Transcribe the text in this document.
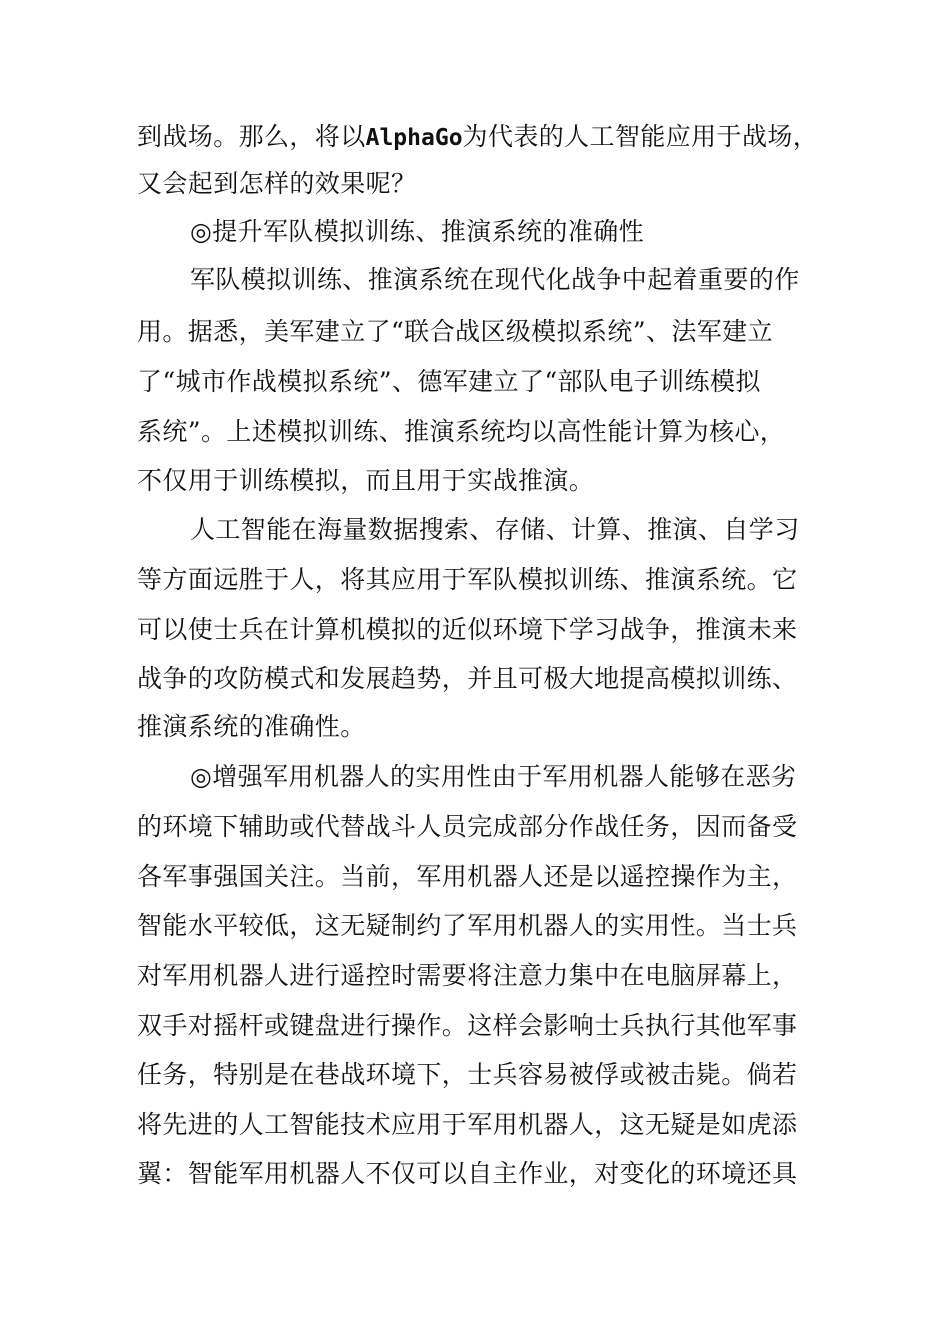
到战场。那么，将以AlphaGo为代表的人工智能应用于战场，
又会起到怎样的效果呢？
◎提升军队模拟训练、推演系统的准确性
军队模拟训练、推演系统在现代化战争中起着重要的作
用。据悉，美军建立了“联合战区级模拟系统”、法军建立
了“城市作战模拟系统”、德军建立了“部队电子训练模拟
系统”。上述模拟训练、推演系统均以高性能计算为核心，
不仅用于训练模拟，而且用于实战推演。
人工智能在海量数据搜索、存储、计算、推演、自学习
等方面远胜于人，将其应用于军队模拟训练、推演系统。它
可以使士兵在计算机模拟的近似环境下学习战争，推演未来
战争的攻防模式和发展趋势，并且可极大地提高模拟训练、
推演系统的准确性。
◎增强军用机器人的实用性由于军用机器人能够在恶劣
的环境下辅助或代替战斗人员完成部分作战任务，因而备受
各军事强国关注。当前，军用机器人还是以遥控操作为主，
智能水平较低，这无疑制约了军用机器人的实用性。当士兵
对军用机器人进行遥控时需要将注意力集中在电脑屏幕上，
双手对摇杆或键盘进行操作。这样会影响士兵执行其他军事
任务，特别是在巷战环境下，士兵容易被俘或被击毙。倘若
将先进的人工智能技术应用于军用机器人，这无疑是如虎添
翼：智能军用机器人不仅可以自主作业，对变化的环境还具
